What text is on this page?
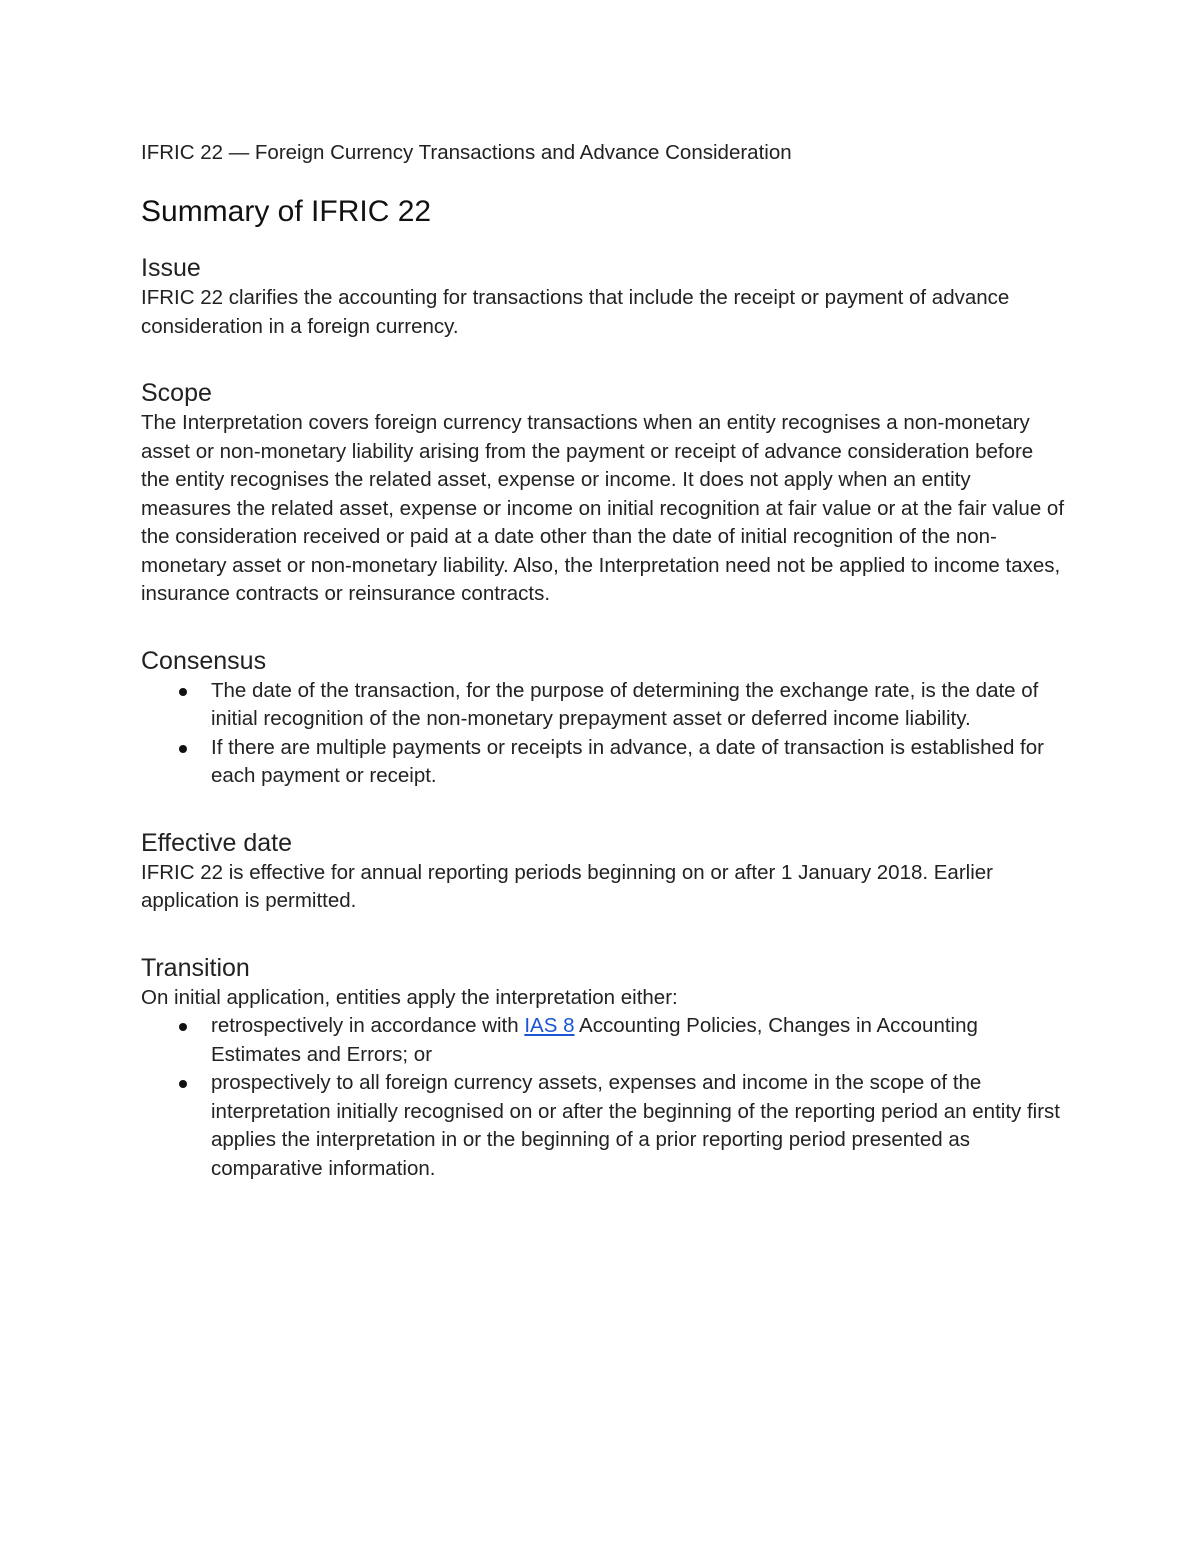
IFRIC 22 — Foreign Currency Transactions and Advance Consideration

Summary of IFRIC 22
Issue

IFRIC 22 clarifies the accounting for transactions that include the receipt or payment of advance consideration in a foreign currency.

Scope

The Interpretation covers foreign currency transactions when an entity recognises a non-monetary asset or non-monetary liability arising from the payment or receipt of advance consideration before the entity recognises the related asset, expense or income. It does not apply when an entity measures the related asset, expense or income on initial recognition at fair value or at the fair value of the consideration received or paid at a date other than the date of initial recognition of the non-monetary asset or non-monetary liability. Also, the Interpretation need not be applied to income taxes, insurance contracts or reinsurance contracts.

Consensus
The date of the transaction, for the purpose of determining the exchange rate, is the date of initial recognition of the non-monetary prepayment asset or deferred income liability.
If there are multiple payments or receipts in advance, a date of transaction is established for each payment or receipt.
Effective date

IFRIC 22 is effective for annual reporting periods beginning on or after 1 January 2018. Earlier application is permitted.

Transition

On initial application, entities apply the interpretation either:

retrospectively in accordance with IAS 8 Accounting Policies, Changes in Accounting Estimates and Errors; or
prospectively to all foreign currency assets, expenses and income in the scope of the interpretation initially recognised on or after the beginning of the reporting period an entity first applies the interpretation in or the beginning of a prior reporting period presented as comparative information.
